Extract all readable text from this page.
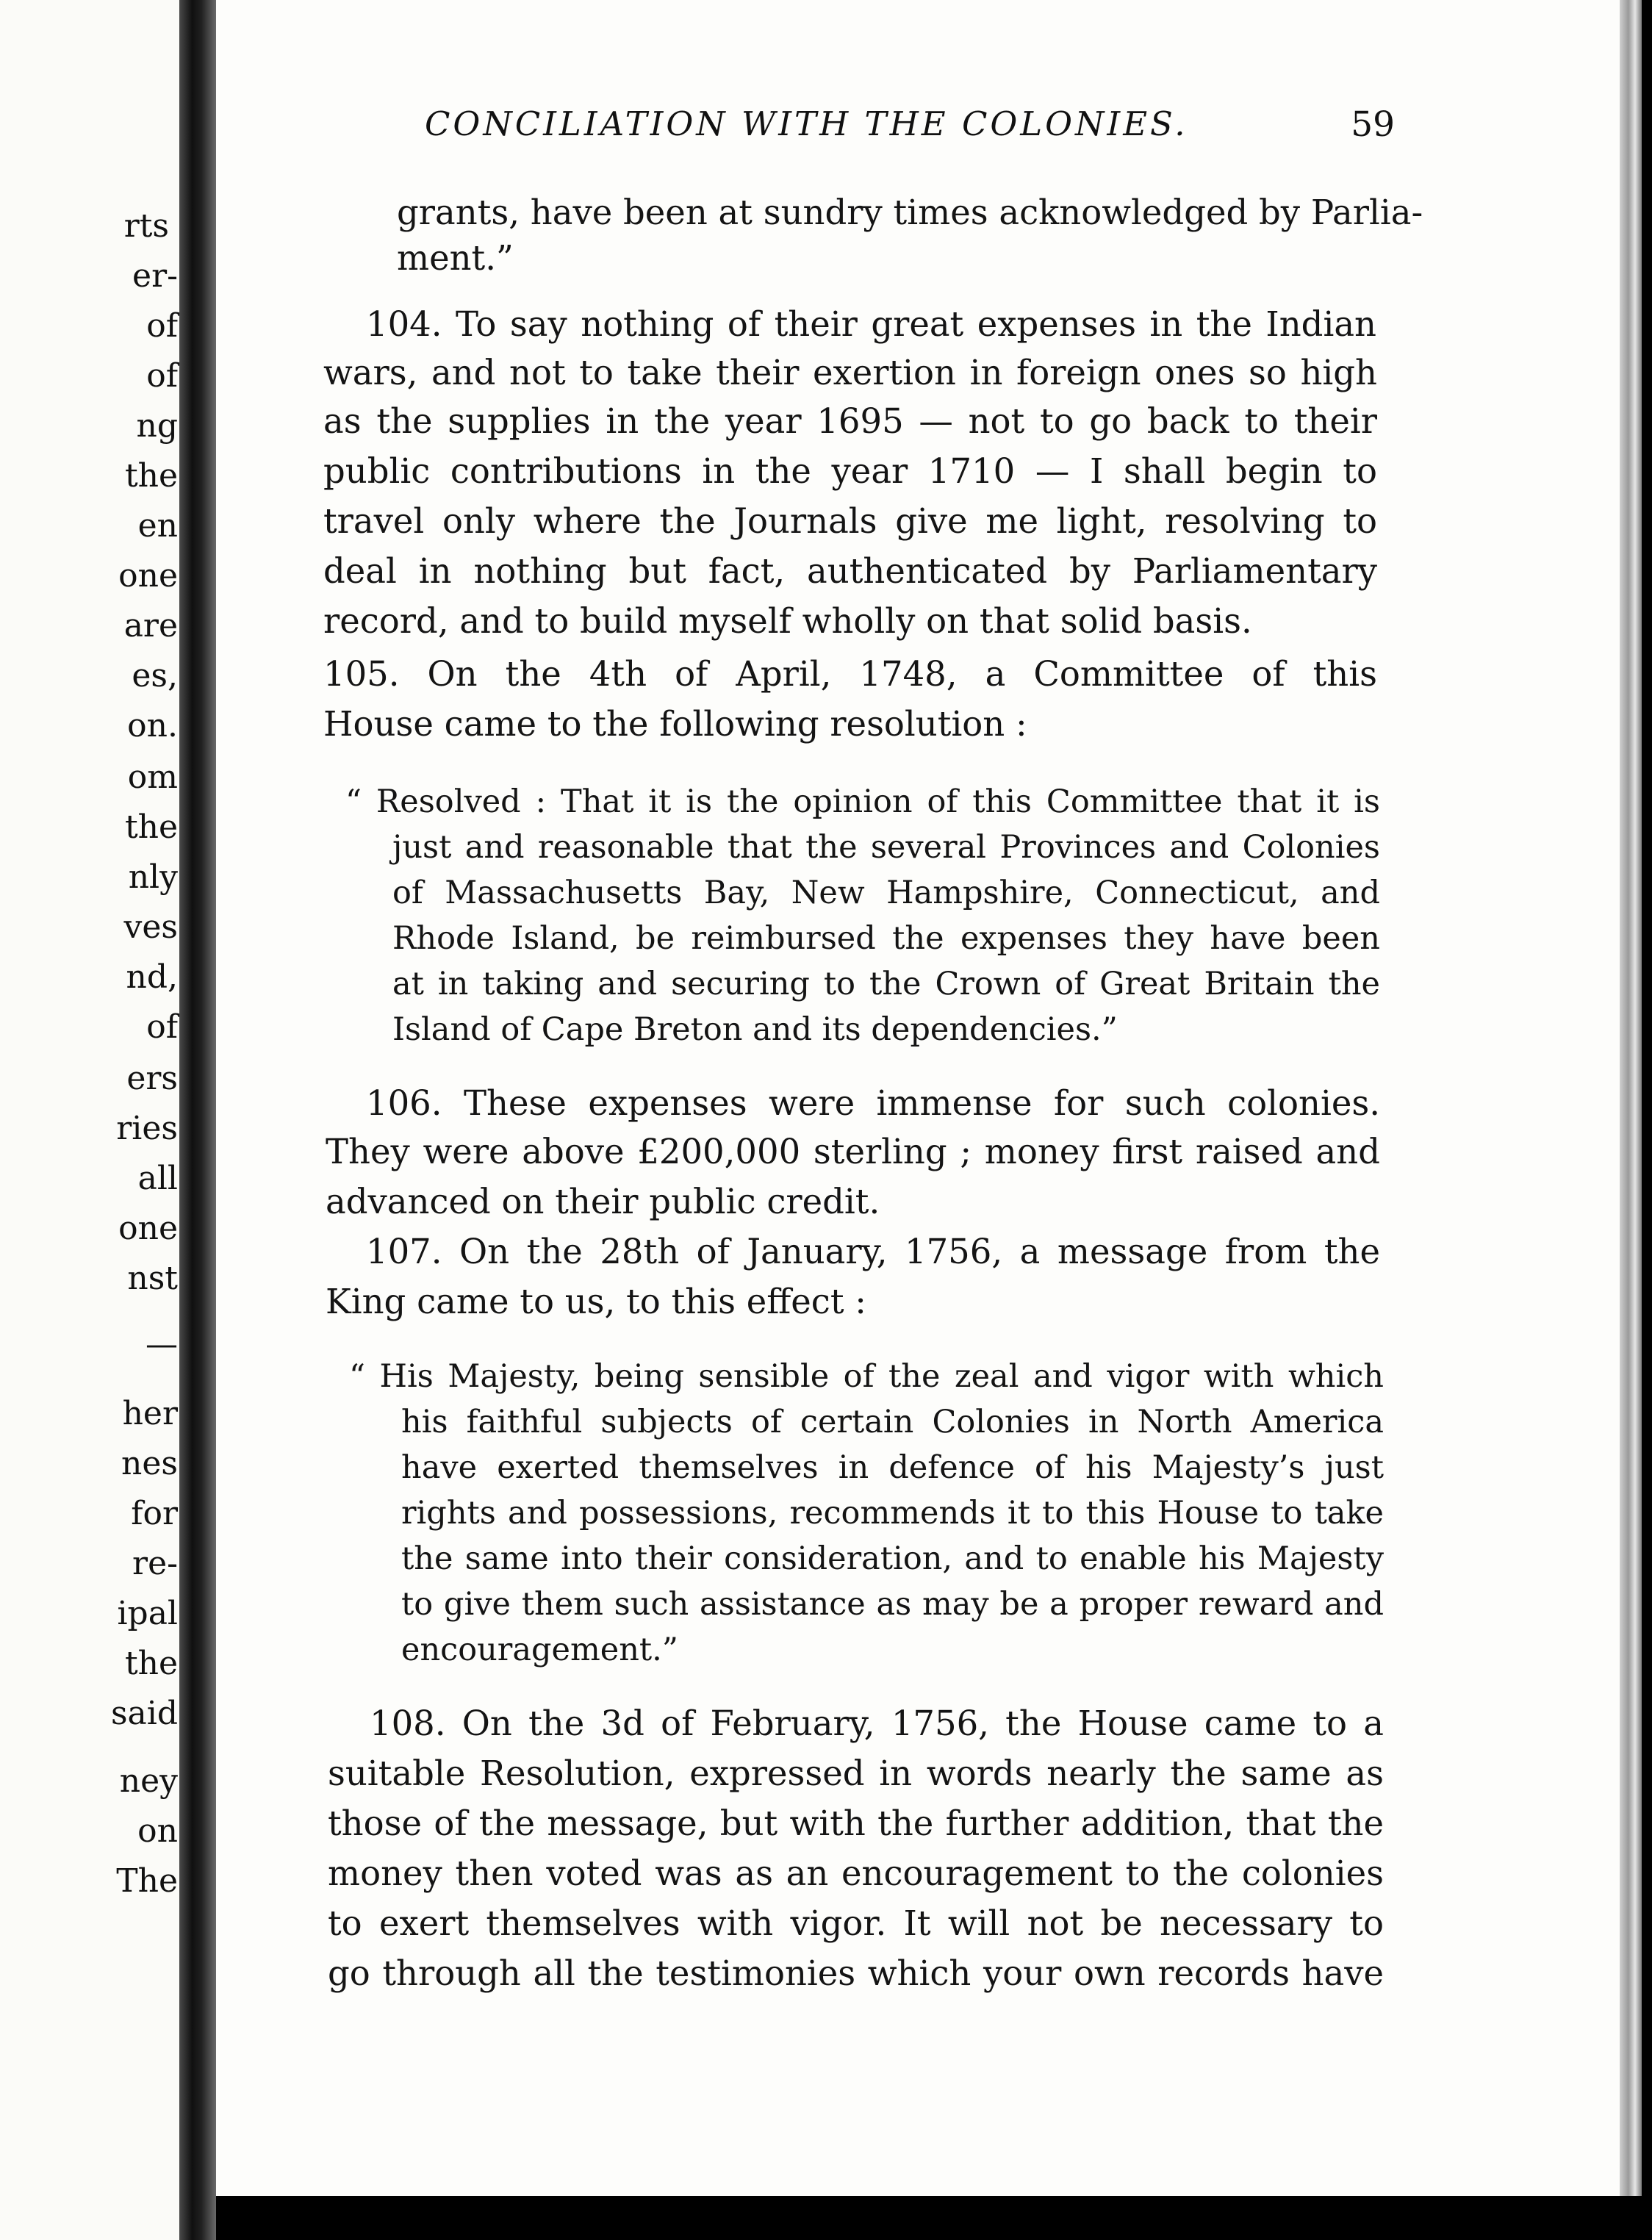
rts
er-
of
of
ng
the
en
one
are
es,
on.
om
the
nly
ves
nd,
of
ers
ries
all
one
nst
—
her
nes
for
re-
ipal
the
said
ney
on
The
CONCILIATION WITH THE COLONIES.	59
grants, have been at sundry times acknowledged by Parlia-
ment.”
104. To say nothing of their great expenses in the Indian
wars, and not to take their exertion in foreign ones so high
as the supplies in the year 1695 — not to go back to their
public contributions in the year 1710 — I shall begin to
travel only where the Journals give me light, resolving to
deal in nothing but fact, authenticated by Parliamentary
record, and to build myself wholly on that solid basis.
105. On the 4th of April, 1748, a Committee of this
House came to the following resolution :
“ Resolved : That it is the opinion of this Committee that it is
just and reasonable that the several Provinces and Colonies
of Massachusetts Bay, New Hampshire, Connecticut, and
Rhode Island, be reimbursed the expenses they have been
at in taking and securing to the Crown of Great Britain the
Island of Cape Breton and its dependencies.”
106. These expenses were immense for such colonies.
They were above £200,000 sterling ; money first raised and
advanced on their public credit.
107. On the 28th of January, 1756, a message from the
King came to us, to this effect :
“ His Majesty, being sensible of the zeal and vigor with which
his faithful subjects of certain Colonies in North America
have exerted themselves in defence of his Majesty’s just
rights and possessions, recommends it to this House to take
the same into their consideration, and to enable his Majesty
to give them such assistance as may be a proper reward and
encouragement.”
108. On the 3d of February, 1756, the House came to a
suitable Resolution, expressed in words nearly the same as
those of the message, but with the further addition, that the
money then voted was as an encouragement to the colonies
to exert themselves with vigor. It will not be necessary to
go through all the testimonies which your own records have
